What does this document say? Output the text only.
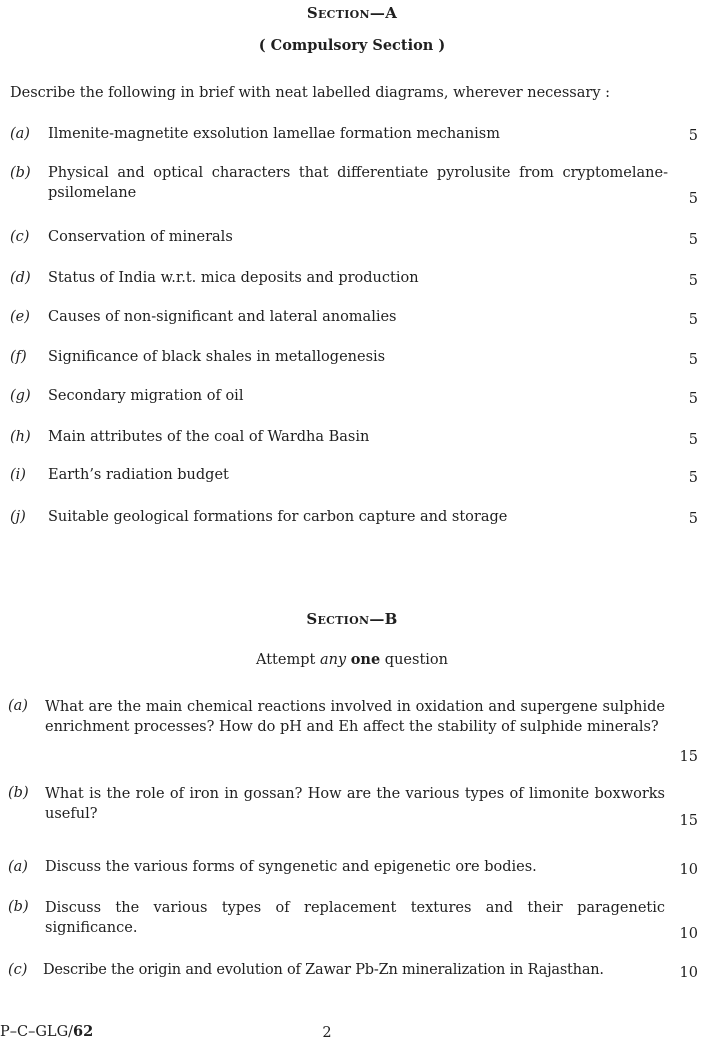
Section—A
( Compulsory Section )
Describe the following in brief with neat labelled diagrams, wherever necessary :
(a) Ilmenite-magnetite exsolution lamellae formation mechanism	5
(b) Physical and optical characters that differentiate pyrolusite from cryptomelane-psilomelane	5
(c) Conservation of minerals	5
(d) Status of India w.r.t. mica deposits and production	5
(e) Causes of non-significant and lateral anomalies	5
(f) Significance of black shales in metallogenesis	5
(g) Secondary migration of oil	5
(h) Main attributes of the coal of Wardha Basin	5
(i) Earth’s radiation budget	5
(j) Suitable geological formations for carbon capture and storage	5
Section—B
Attempt any one question
(a) What are the main chemical reactions involved in oxidation and supergene sulphide enrichment processes? How do pH and Eh affect the stability of sulphide minerals?
15
(b) What is the role of iron in gossan? How are the various types of limonite boxworks useful?	15
(a) Discuss the various forms of syngenetic and epigenetic ore bodies.	10
(b) Discuss the various types of replacement textures and their paragenetic significance.	10
(c) Describe the origin and evolution of Zawar Pb-Zn mineralization in Rajasthan.	10
P–C–GLG/62	2
